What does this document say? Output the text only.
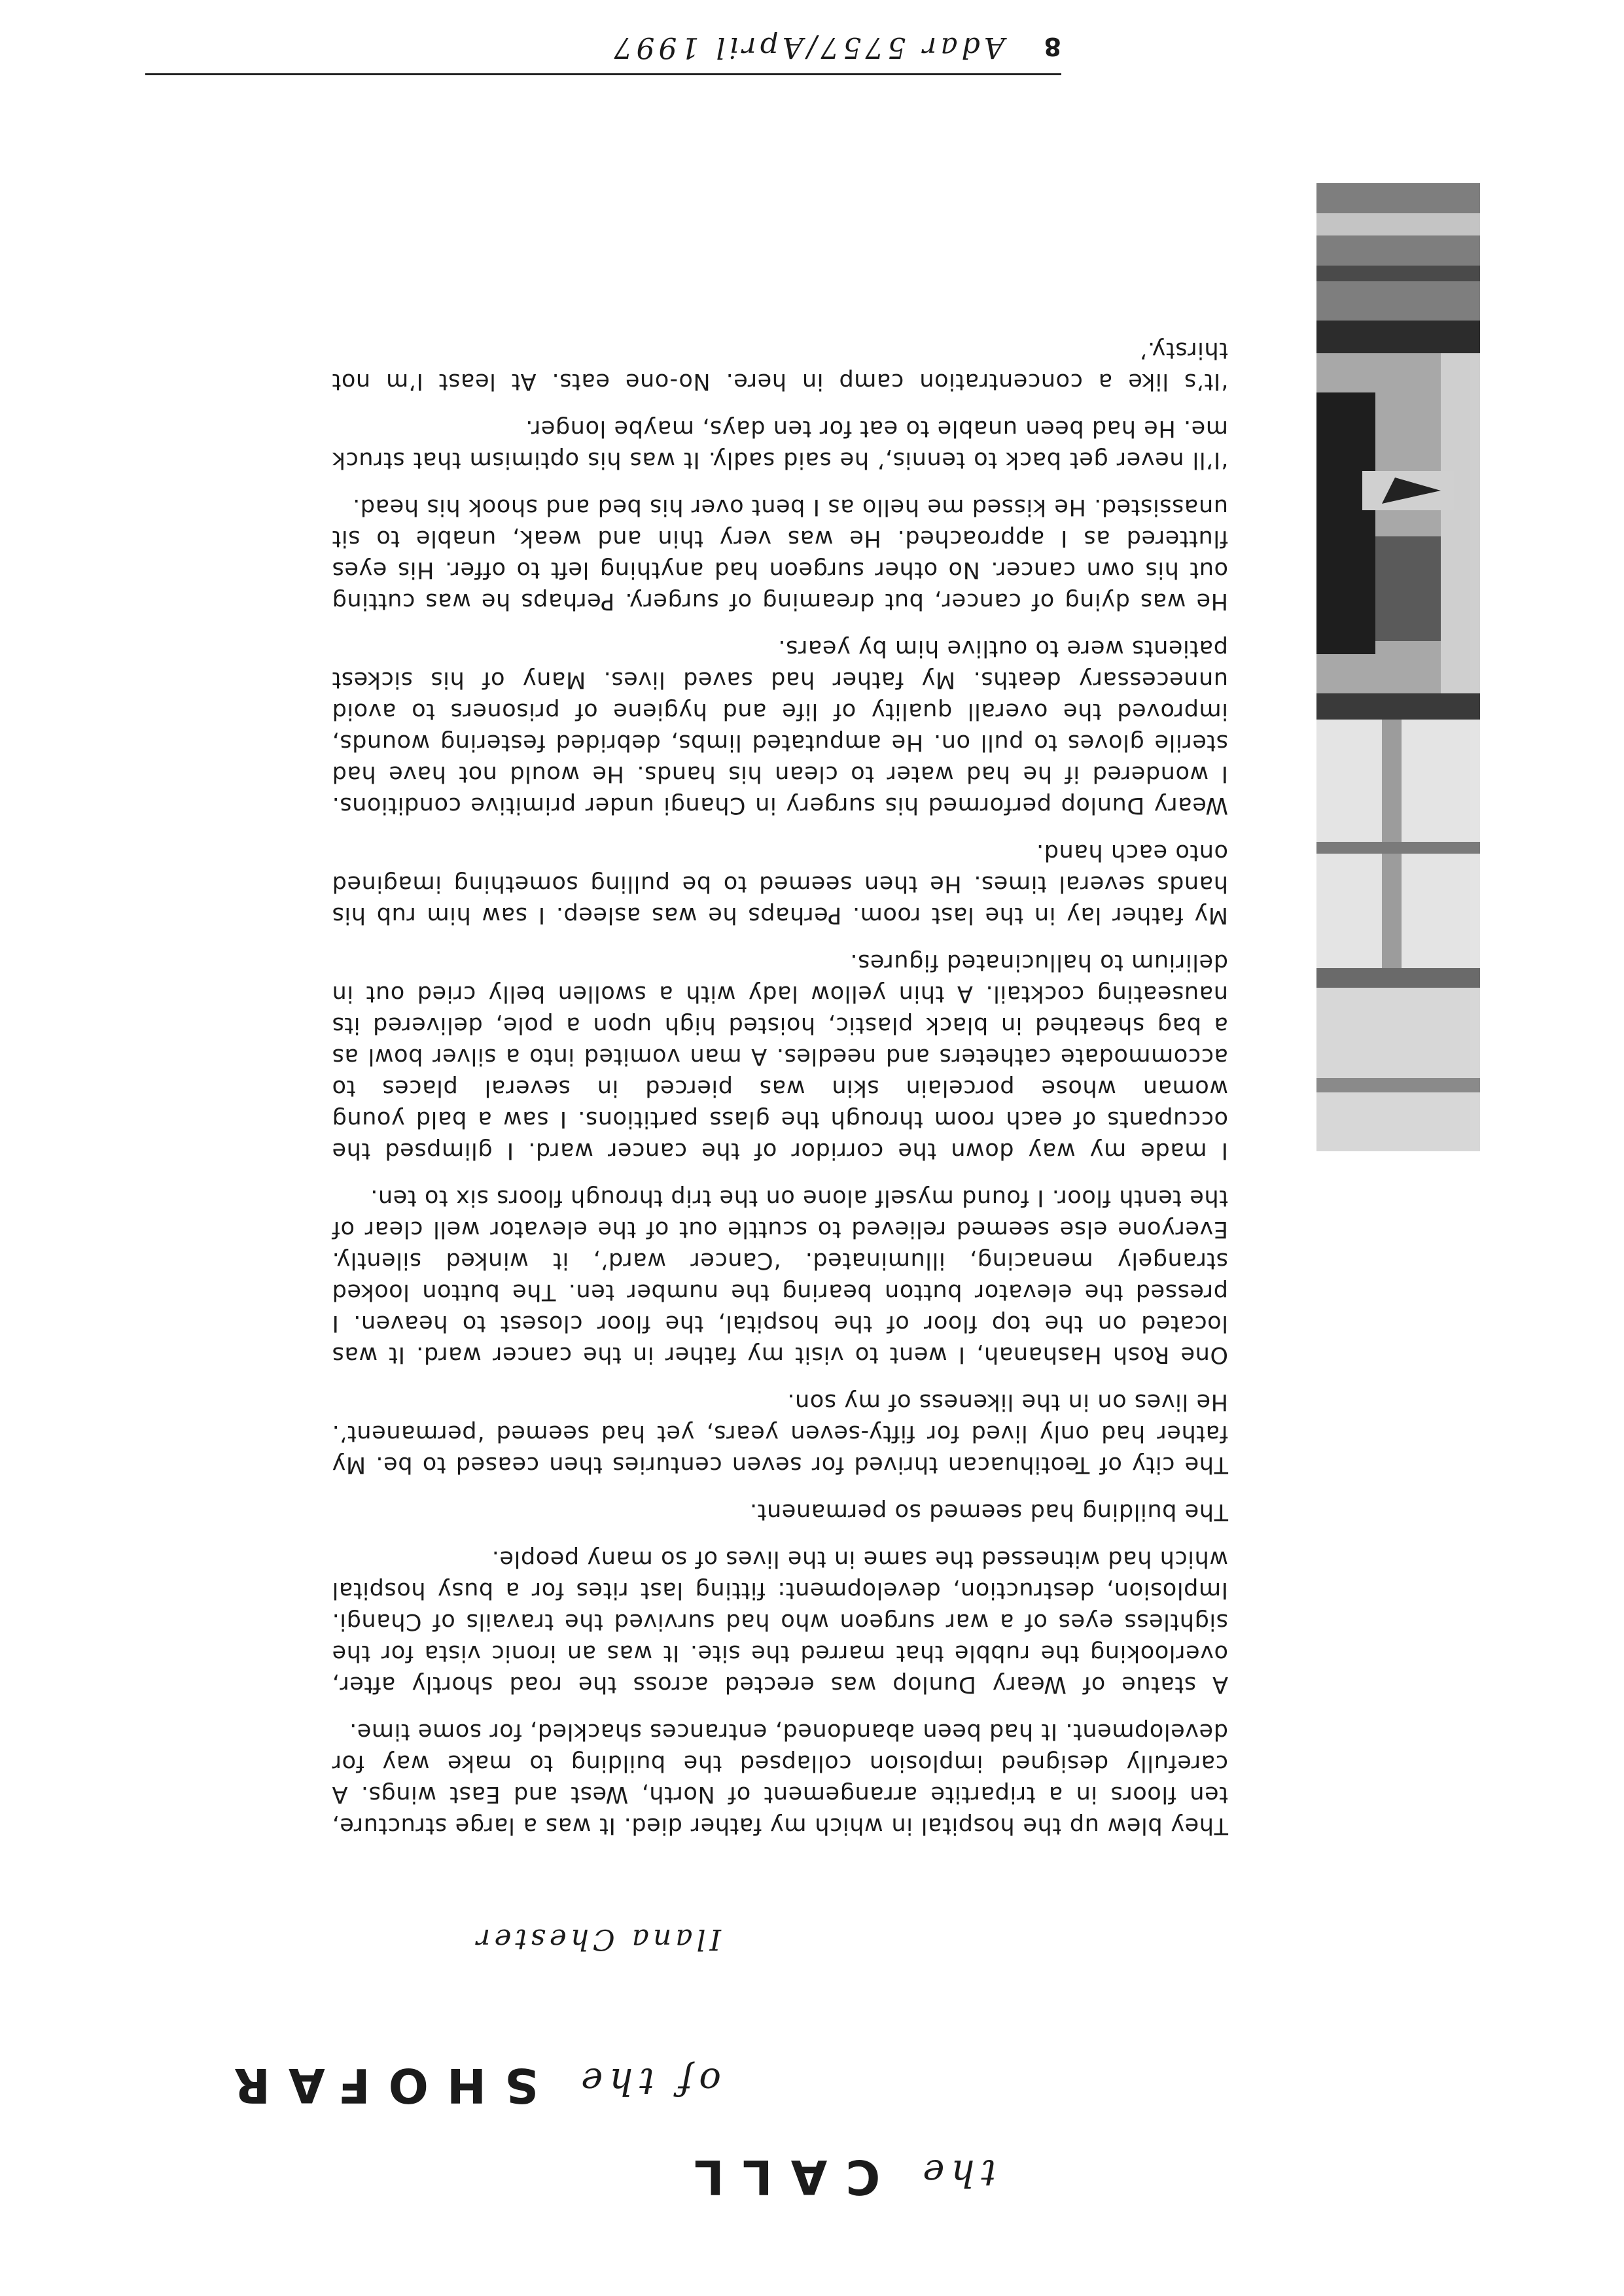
8
Adar 5757/April 1997
the CALL
of the SHOFAR
Ilana Chester

They blew up the hospital in which my father died. It was a large structure, ten floors in a tripartite arrangement of North, West and East wings. A carefully designed implosion collapsed the building to make way for development. It had been abandoned, entrances shackled, for some time.

A statue of Weary Dunlop was erected across the road shortly after, overlooking the rubble that marred the site. It was an ironic vista for the sightless eyes of a war surgeon who had survived the travails of Changi. Implosion, destruction, development: fitting last rites for a busy hospital which had witnessed the same in the lives of so many people.

The building had seemed so permanent.

The city of Teotihuacan thrived for seven centuries then ceased to be. My father had only lived for fifty-seven years, yet had seemed ‘permanent’. He lives on in the likeness of my son.

One Rosh Hashanah, I went to visit my father in the cancer ward. It was located on the top floor of the hospital, the floor closest to heaven. I pressed the elevator button bearing the number ten. The button looked strangely menacing, illuminated. ‘Cancer ward’, it winked silently. Everyone else seemed relieved to scuttle out of the elevator well clear of the tenth floor. I found myself alone on the trip through floors six to ten.

I made my way down the corridor of the cancer ward. I glimpsed the occupants of each room through the glass partitions. I saw a bald young woman whose porcelain skin was pierced in several places to accommodate catheters and needles. A man vomited into a silver bowl as a bag sheathed in black plastic, hoisted high upon a pole, delivered its nauseating cocktail. A thin yellow lady with a swollen belly cried out in delirium to hallucinated figures.

My father lay in the last room. Perhaps he was asleep. I saw him rub his hands several times. He then seemed to be pulling something imagined onto each hand.

Weary Dunlop performed his surgery in Changi under primitive conditions. I wondered if he had water to clean his hands. He would not have had sterile gloves to pull on. He amputated limbs, debrided festering wounds, improved the overall quality of life and hygiene of prisoners to avoid unnecessary deaths. My father had saved lives. Many of his sickest patients were to outlive him by years.

He was dying of cancer, but dreaming of surgery. Perhaps he was cutting out his own cancer. No other surgeon had anything left to offer. His eyes fluttered as I approached. He was very thin and weak, unable to sit unassisted. He kissed me hello as I bent over his bed and shook his head.

‘I’ll never get back to tennis,’ he said sadly. It was his optimism that struck me. He had been unable to eat for ten days, maybe longer.

‘It’s like a concentration camp in here. No-one eats. At least I’m not thirsty.’
